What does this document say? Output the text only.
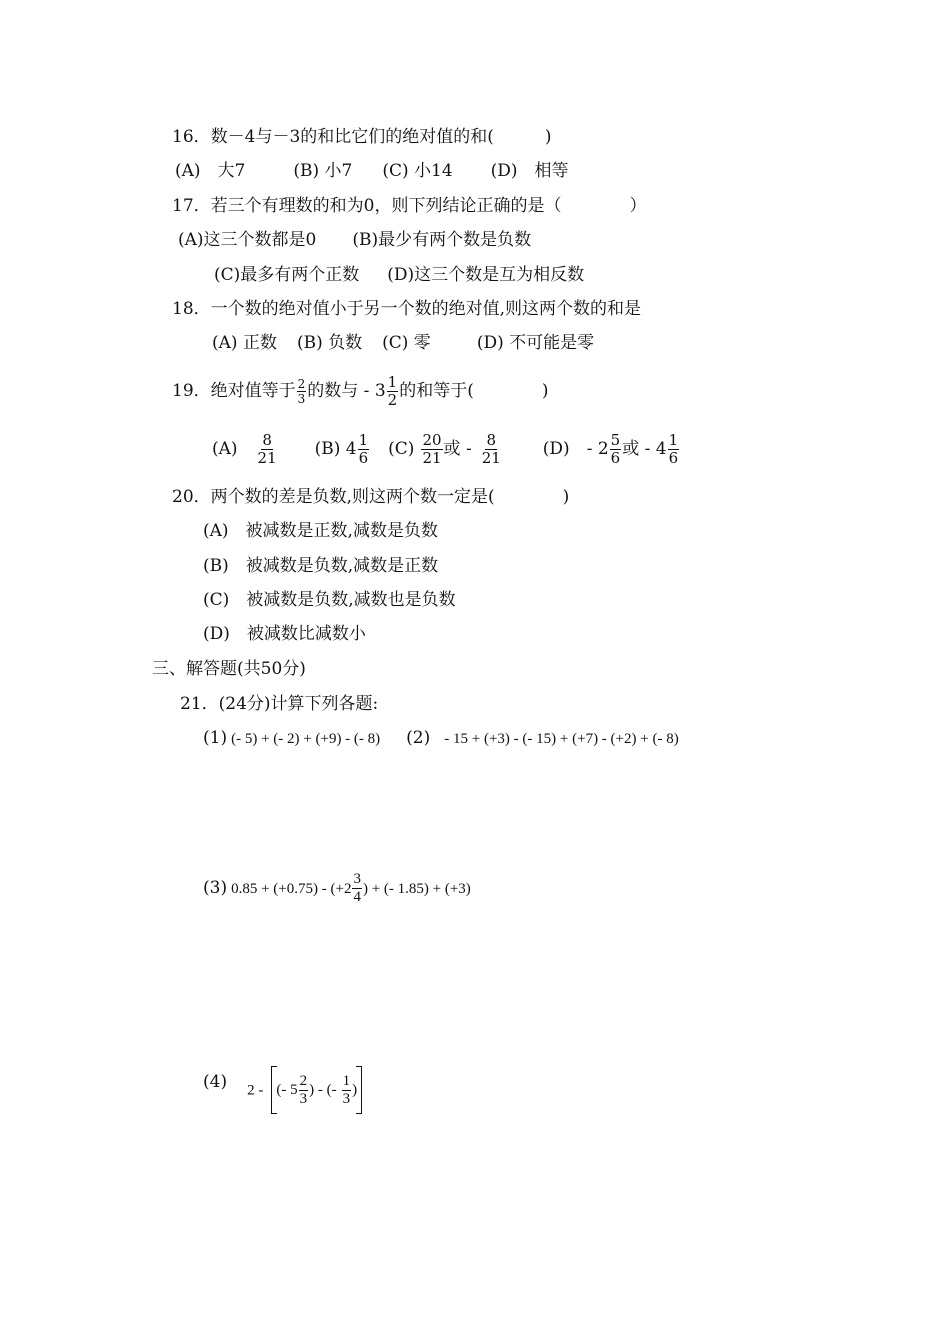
16．数－4与－3的和比它们的绝对值的和(　　　)
(A)　大7	(B) 小7 (C) 小14 (D)　相等
17．若三个有理数的和为0，则下列结论正确的是（　　　　）
(A)这三个数都是0 (B)最少有两个数是负数
(C)最多有两个正数 (D)这三个数是互为相反数
18．一个数的绝对值小于另一个数的绝对值,则这两个数的和是
(A) 正数 (B) 负数 (C) 零	(D) 不可能是零
19．绝对值等于 $\frac{2}{3}$ 的数与 - $3 \frac{1}{2}$ 的和等于(　　　　)
$(A) \frac{8}{21} (B)$ $4 \frac{1}{6} (C) \frac{20}{21}$ 或 - $\frac{8}{21} (D)$　- $2 \frac{5}{6}$ 或 - $4 \frac{1}{6}$
20．两个数的差是负数,则这两个数一定是(　　　　)
(A)　被减数是正数,减数是负数
(B)　被减数是负数,减数是正数
(C)　被减数是负数,减数也是负数
(D)　被减数比减数小
三、解答题(共50分)
21．(24分)计算下列各题:
(1) (- 5) + (- 2) + (+9) - (- 8) (2) - 15 + (+3) - (- 15) + (+7) - (+2) + (- 8)
(3) $0.85 + (+0.75) - (+2 \frac{3}{4}$ ) + (- 1.85) + (+3)
(4) 2 - (- $5 \frac{2}{3}$ ) - (- $\frac{1}{3}$ )
